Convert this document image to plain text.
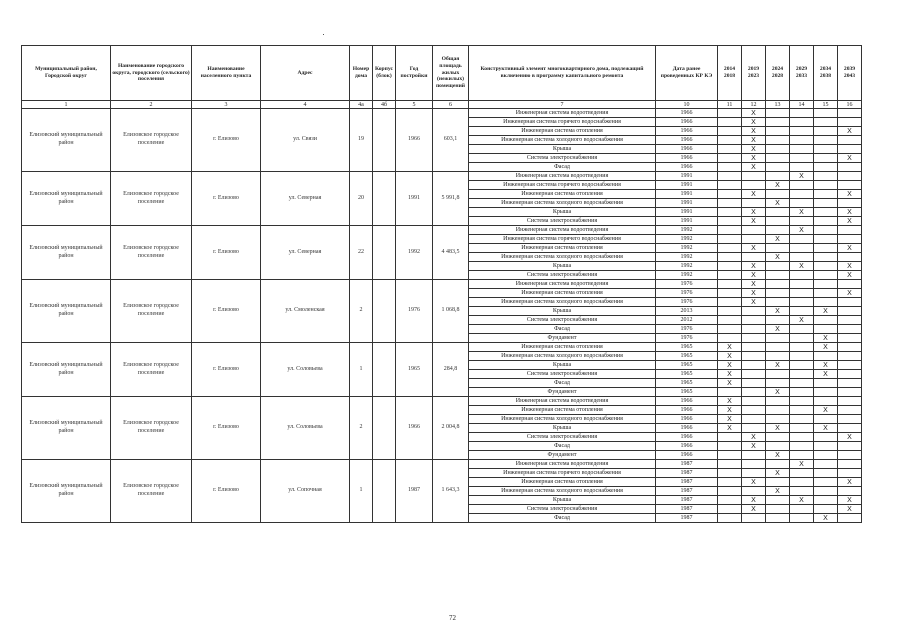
Муниципальный район, Городской округ	Наименование городского округа, городского (сельского) поселения	Наименование населенного пункта	Адрес	Номер дома	Корпус (блок)	Год постройки	Общая площадь жилых (нежилых) помещений	Конструктивный элемент многоквартирного дома, подлежащий включению в программу капитального ремонта	Дата ранее проведенных КР КЭ	2014 2018	2019 2023	2024 2028	2029 2033	2034 2038	2039 2043
1	2	3	4	4а	4б	5	6	7	10	11	12	13	14	15	16
Елизовский муниципальный район	Елизовское городское поселение	г. Елизово	ул. Связи	19		1966	603,1	Инженерная система водоотведения	1966		X				
								Инженерная система горячего водоснабжения	1966		X				
								Инженерная система отопления	1966		X				X
								Инженерная система холодного водоснабжения	1966		X				
								Крыша	1966		X				
								Система электроснабжения	1966		X				X
								Фасад	1966		X				
Елизовский муниципальный район	Елизовское городское поселение	г. Елизово	ул. Северная	20		1991	5 991,8	Инженерная система водоотведения	1991				X		
								Инженерная система горячего водоснабжения	1991			X			
								Инженерная система отопления	1991		X				X
								Инженерная система холодного водоснабжения	1991			X			
								Крыша	1991		X		X		X
								Система электроснабжения	1991		X				X
Елизовский муниципальный район	Елизовское городское поселение	г. Елизово	ул. Северная	22		1992	4 483,5	Инженерная система водоотведения	1992				X		
								Инженерная система горячего водоснабжения	1992			X			
								Инженерная система отопления	1992		X				X
								Инженерная система холодного водоснабжения	1992			X			
								Крыша	1992		X		X		X
								Система электроснабжения	1992		X				X
Елизовский муниципальный район	Елизовское городское поселение	г. Елизово	ул. Смоленская	2		1976	1 068,8	Инженерная система водоотведения	1976		X				
								Инженерная система отопления	1976		X				X
								Инженерная система холодного водоснабжения	1976		X				
								Крыша	2013			X		X	
								Система электроснабжения	2012				X		
								Фасад	1976			X			
								Фундамент	1976					X	
Елизовский муниципальный район	Елизовское городское поселение	г. Елизово	ул. Соловьева	1		1965	284,8	Инженерная система отопления	1965	X				X	
								Инженерная система холодного водоснабжения	1965	X					
								Крыша	1965	X		X		X	
								Система электроснабжения	1965	X				X	
								Фасад	1965	X					
								Фундамент	1965			X			
Елизовский муниципальный район	Елизовское городское поселение	г. Елизово	ул. Соловьева	2		1966	2 004,8	Инженерная система водоотведения	1966	X					
								Инженерная система отопления	1966	X				X	
								Инженерная система холодного водоснабжения	1966	X					
								Крыша	1966	X		X		X	
								Система электроснабжения	1966		X				X
								Фасад	1966		X				
								Фундамент	1966			X			
Елизовский муниципальный район	Елизовское городское поселение	г. Елизово	ул. Сопочная	1		1987	1 643,3	Инженерная система водоотведения	1987				X		
								Инженерная система горячего водоснабжения	1987			X			
								Инженерная система отопления	1987		X				X
								Инженерная система холодного водоснабжения	1987			X			
								Крыша	1987		X		X		X
								Система электроснабжения	1987		X				X
								Фасад	1987					X	
72
